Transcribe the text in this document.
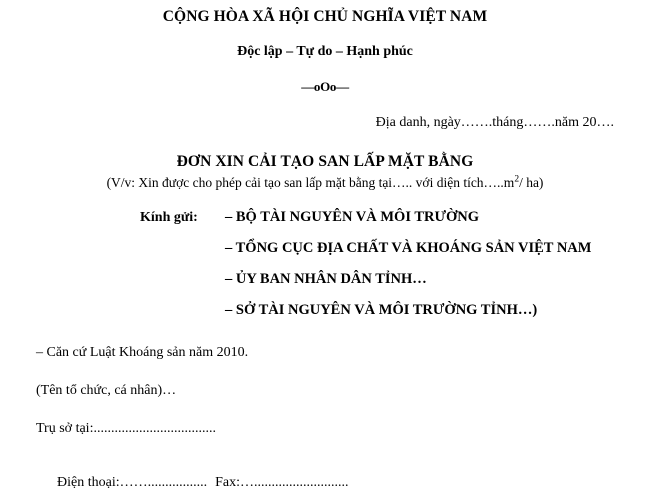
CỘNG HÒA XÃ HỘI CHỦ NGHĨA VIỆT NAM
Độc lập – Tự do – Hạnh phúc
—oOo—
Địa danh, ngày…….tháng…….năm 20….
ĐƠN XIN CẢI TẠO SAN LẤP MẶT BẰNG
(V/v: Xin được cho phép cải tạo san lấp mặt bằng tại….. với diện $tích\dots..m^2/$ ha)
Kính gửi: – BỘ TÀI NGUYÊN VÀ MÔI TRƯỜNG
– TỔNG CỤC ĐỊA CHẤT VÀ KHOÁNG SẢN VIỆT NAM
– ỦY BAN NHÂN DÂN TỈNH…
– SỞ TÀI NGUYÊN VÀ MÔI TRƯỜNG TỈNH…)
– Căn cứ Luật Khoáng sản năm 2010.
(Tên tổ chức, cá nhân)…
Trụ sở tại:...................................

Điện thoại:……................. Fax:…...........................
